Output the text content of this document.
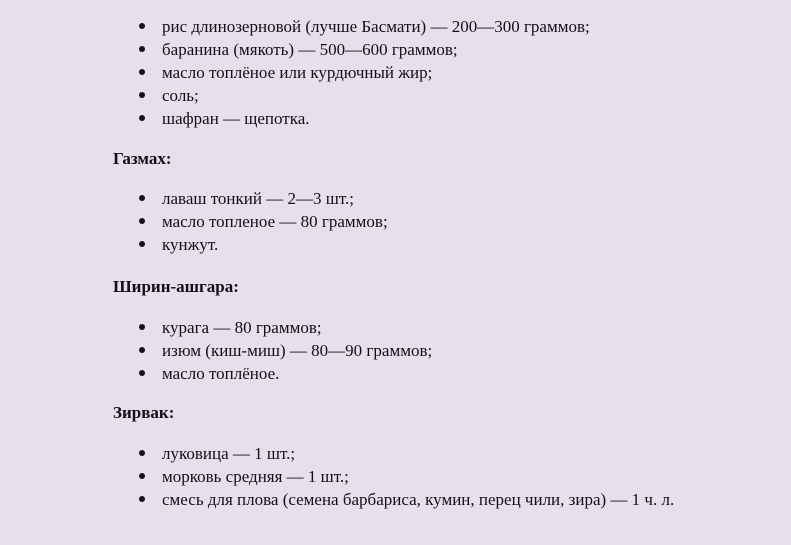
рис длинозерновой (лучше Басмати) — 200—300 граммов;
баранина (мякоть) — 500—600 граммов;
масло топлёное или курдючный жир;
соль;
шафран — щепотка.
Газмах:
лаваш тонкий — 2—3 шт.;
масло топленое — 80 граммов;
кунжут.
Ширин-ашгара:
курага — 80 граммов;
изюм (киш-миш) — 80—90 граммов;
масло топлёное.
Зирвак:
луковица — 1 шт.;
морковь средняя — 1 шт.;
смесь для плова (семена барбариса, кумин, перец чили, зира) — 1 ч. л.
